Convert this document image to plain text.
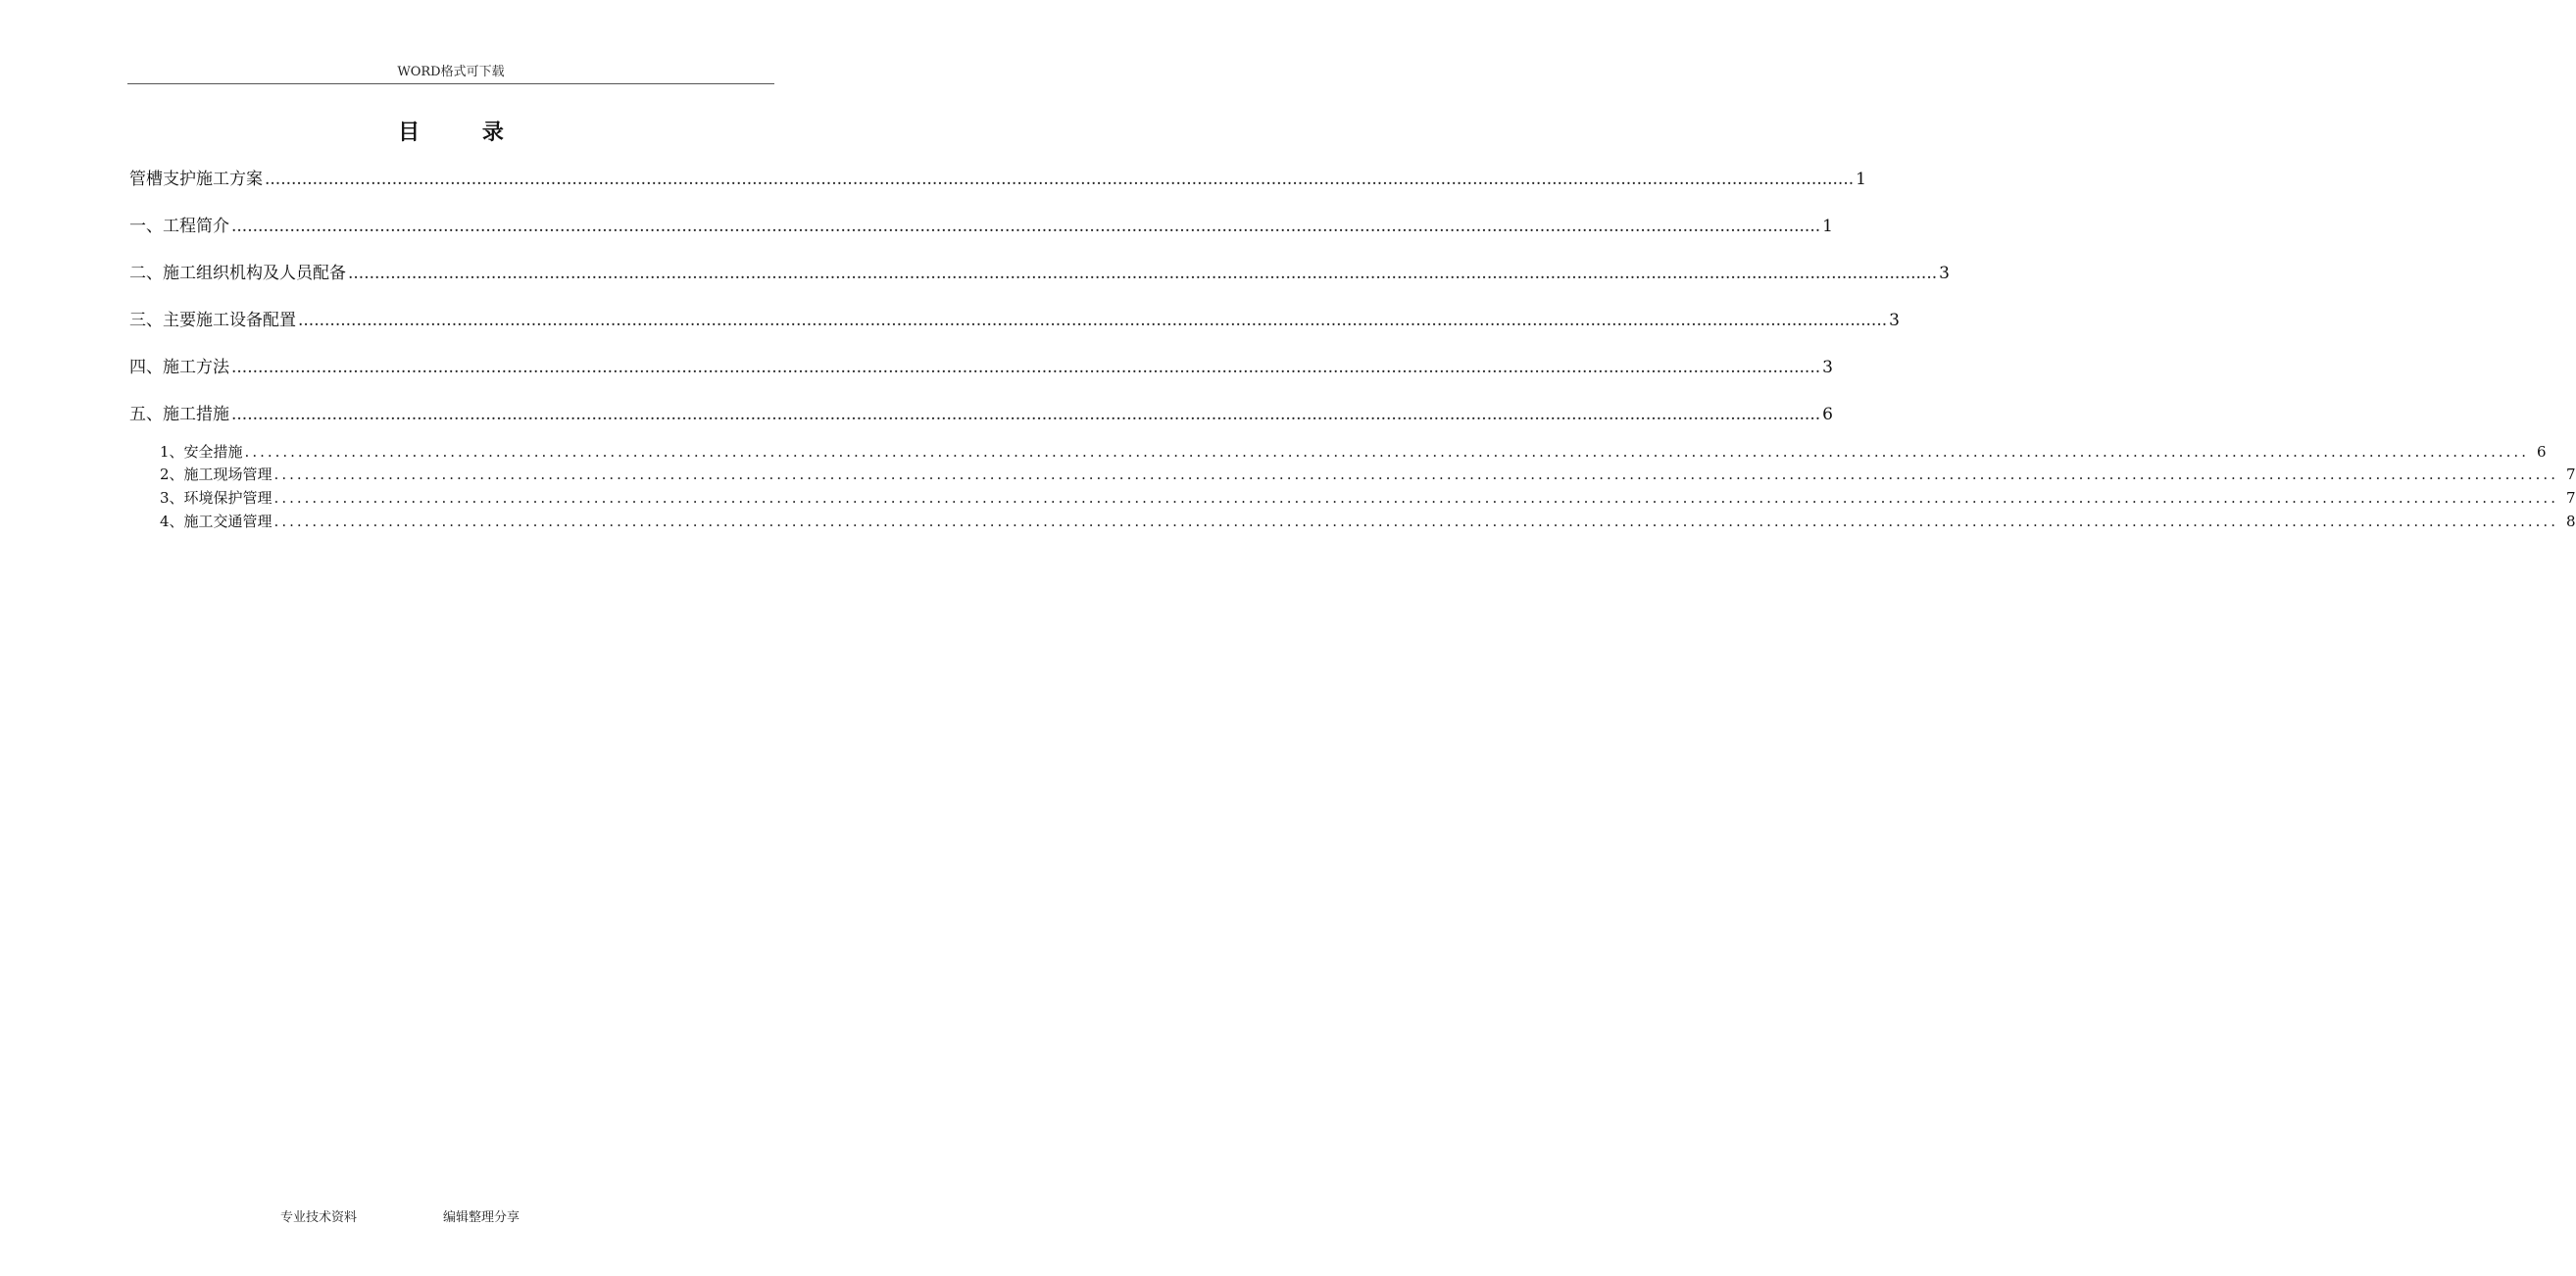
WORD格式可下载
目 录
管槽支护施工方案 ............................................................................................................................................................................................................................................................................................................ 1
一、工程简介 ............................................................................................................................................................................................................................................................................................................ 1
二、施工组织机构及人员配备 ............................................................................................................................................................................................................................................................................................................ 3
三、主要施工设备配置 ............................................................................................................................................................................................................................................................................................................ 3
四、施工方法 ............................................................................................................................................................................................................................................................................................................ 3
五、施工措施 ............................................................................................................................................................................................................................................................................................................ 6
1、安全措施 ............................................................................................................................................................................................................................................................................................................ 6
2、施工现场管理 ............................................................................................................................................................................................................................................................................................................ 7
3、环境保护管理 ............................................................................................................................................................................................................................................................................................................ 7
4、施工交通管理 ............................................................................................................................................................................................................................................................................................................ 8
专业技术资料	编辑整理分享
